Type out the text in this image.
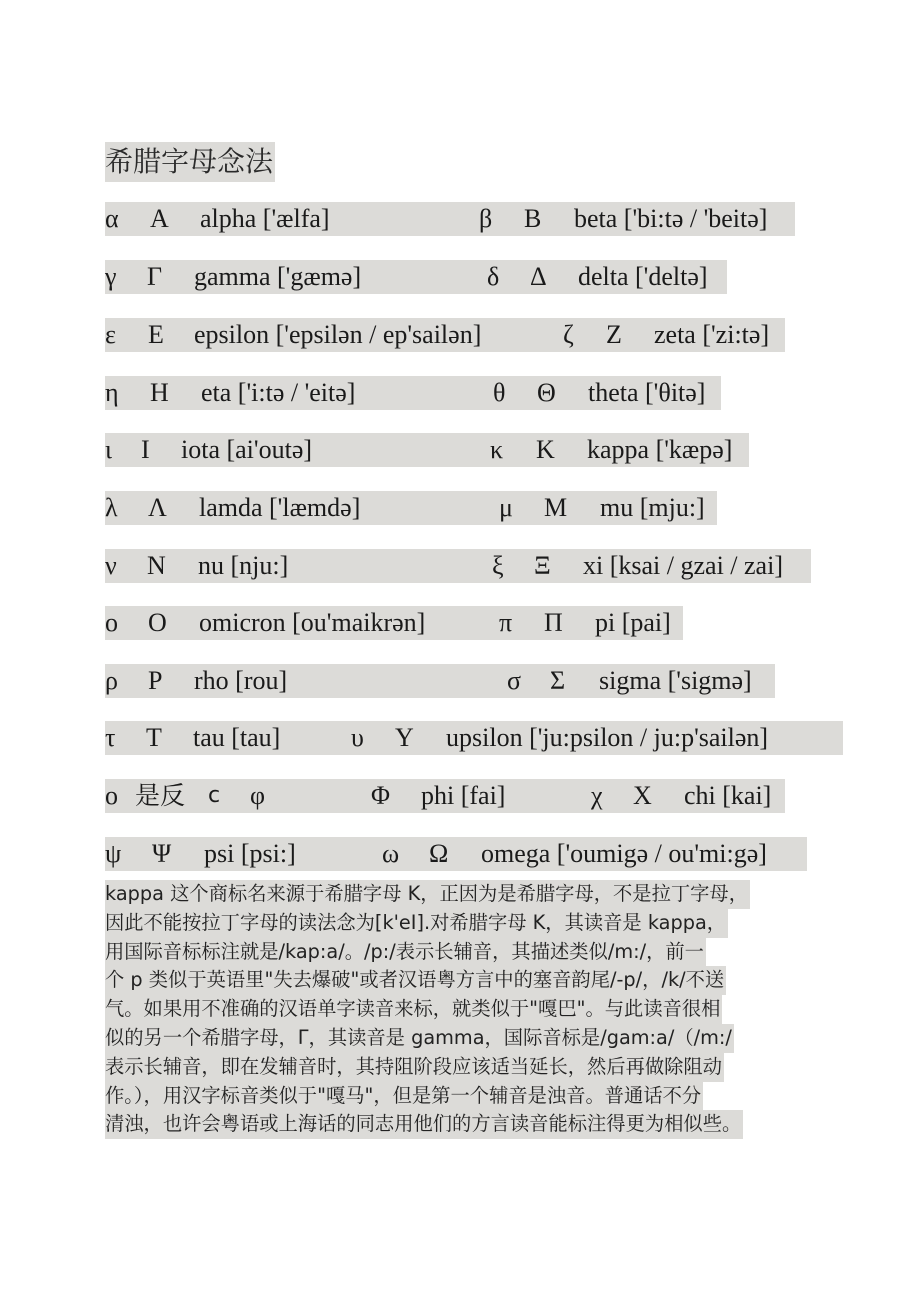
希腊字母念法
α A alpha ['ælfa]	β B beta ['bi:tə / 'beitə]
γ Γ gamma ['gæmə]	δ Δ delta ['deltə]
ε E epsilon ['epsilən / ep'sailən]	ζ Z zeta ['zi:tə]
η H eta ['i:tə / 'eitə]	θ Θ theta ['θitə]
ι I iota [ai'outə]	κ K kappa ['kæpə]
λ Λ lamda ['læmdə]	μ M mu [mju:]
ν N nu [nju:]	ξ Ξ xi [ksai / gzai / zai]
ο O omicron [ou'maikrən]	π Π pi [pai]
ρ P rho [rou]	σ Σ sigma ['sigmə]
τ T tau [tau]	υ Y upsilon ['ju:psilon / ju:p'sailən]
ο 是反 c φ	Φ phi [fai]	χ X chi [kai]
ψ Ψ psi [psi:]	ω Ω omega ['oumigə / ou'mi:gə]
kappa 这个商标名来源于希腊字母 K，正因为是希腊字母，不是拉丁字母，
因此不能按拉丁字母的读法念为[k'eI].对希腊字母 K，其读音是 kappa，
用国际音标标注就是/kap:a/。/p:/表示长辅音，其描述类似/m:/，前一
个 p 类似于英语里"失去爆破"或者汉语粤方言中的塞音韵尾/-p/，/k/不送
气。如果用不准确的汉语单字读音来标，就类似于"嘎巴"。与此读音很相
似的另一个希腊字母，Γ，其读音是 gamma，国际音标是/gam:a/（/m:/
表示长辅音，即在发辅音时，其持阻阶段应该适当延长，然后再做除阻动
作。），用汉字标音类似于"嘎马"，但是第一个辅音是浊音。普通话不分
清浊，也许会粤语或上海话的同志用他们的方言读音能标注得更为相似些。
